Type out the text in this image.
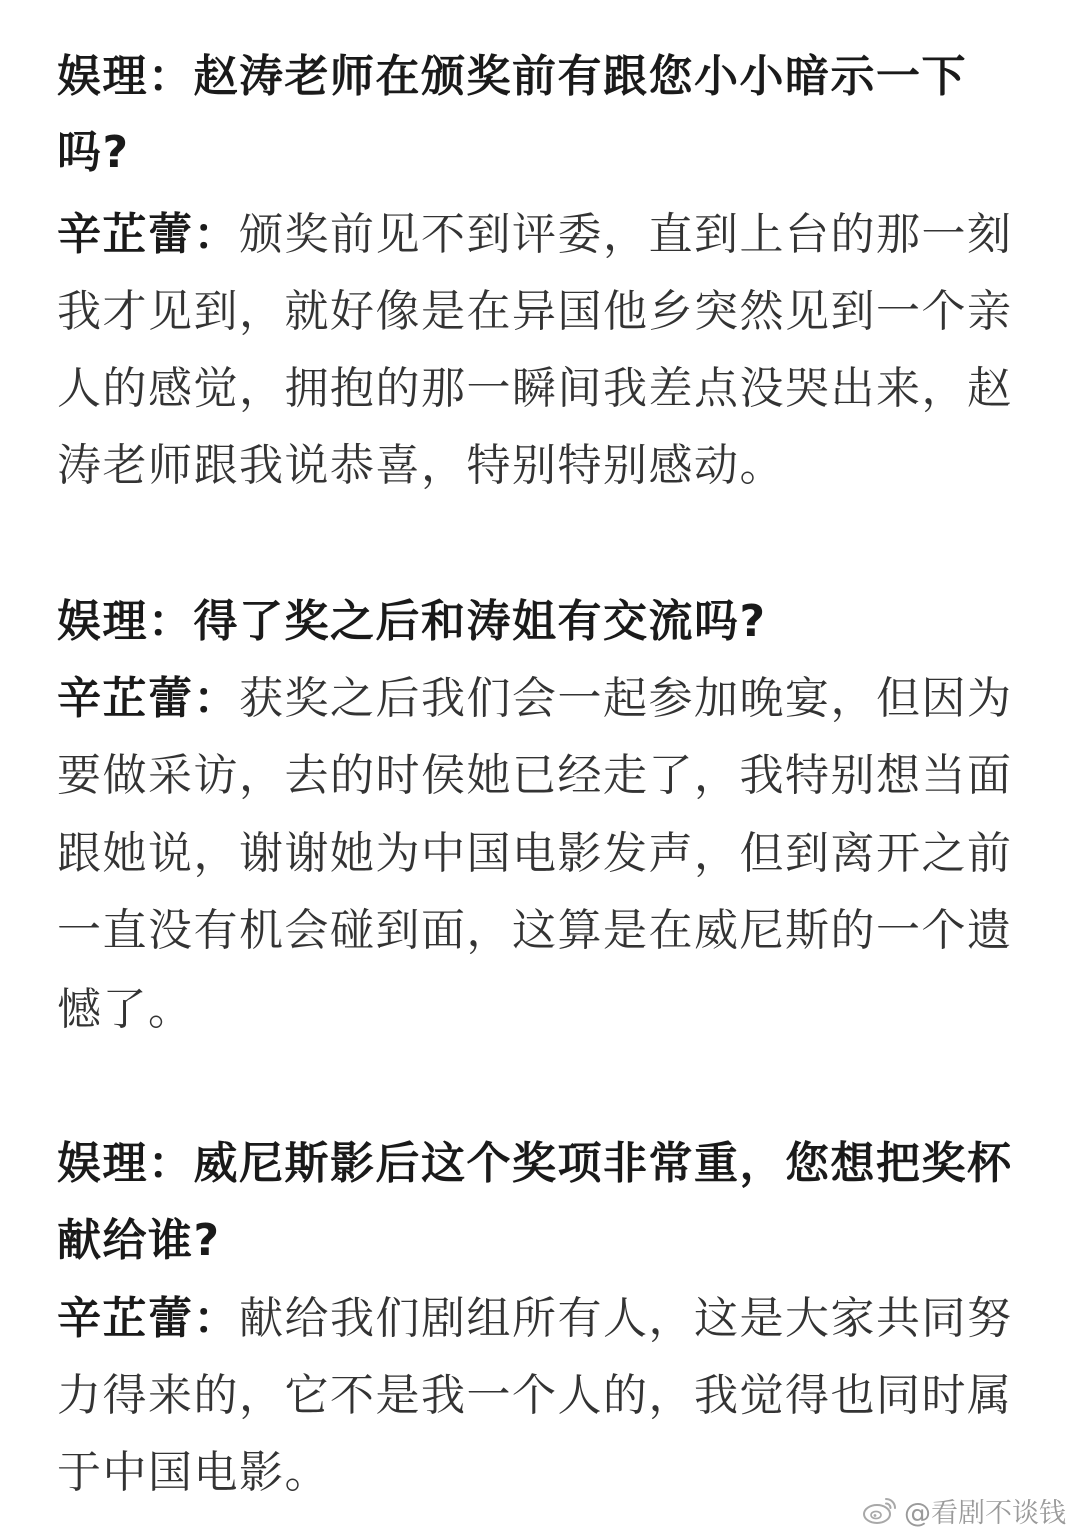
娱理：赵涛老师在颁奖前有跟您小小暗示一下
吗?
辛芷蕾：颁奖前见不到评委，直到上台的那一刻
我才见到，就好像是在异国他乡突然见到一个亲
人的感觉，拥抱的那一瞬间我差点没哭出来，赵
涛老师跟我说恭喜，特别特别感动。
娱理：得了奖之后和涛姐有交流吗?
辛芷蕾：获奖之后我们会一起参加晚宴，但因为
要做采访，去的时侯她已经走了，我特别想当面
跟她说，谢谢她为中国电影发声，但到离开之前
一直没有机会碰到面，这算是在威尼斯的一个遗
憾了。
娱理：威尼斯影后这个奖项非常重，您想把奖杯
献给谁?
辛芷蕾：献给我们剧组所有人，这是大家共同努
力得来的，它不是我一个人的，我觉得也同时属
于中国电影。
@看剧不谈钱
